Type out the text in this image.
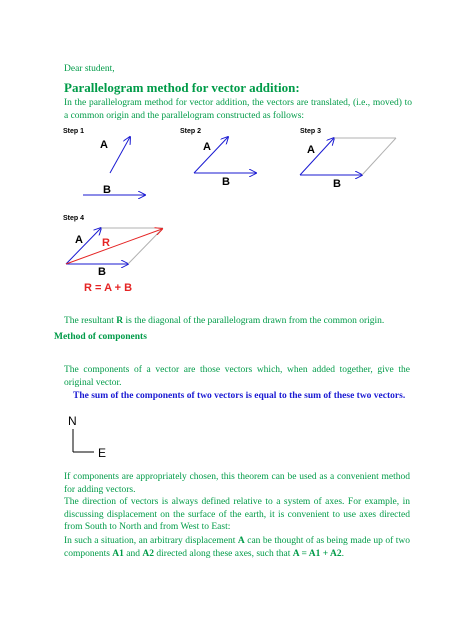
Dear student,
Parallelogram method for vector addition:
In the parallelogram method for vector addition, the vectors are translated, (i.e., moved) to a common origin and the parallelogram constructed as follows:
Step 1
A
B
Step 2
A
B
Step 3
A
B
Step 4
A R
B
R = A + B
The resultant R is the diagonal of the parallelogram drawn from the common origin.
Method of components
The components of a vector are those vectors which, when added together, give the original vector.
The sum of the components of two vectors is equal to the sum of these two vectors.
N
E
If components are appropriately chosen, this theorem can be used as a convenient method for adding vectors.
The direction of vectors is always defined relative to a system of axes. For example, in discussing displacement on the surface of the earth, it is convenient to use axes directed from South to North and from West to East:
In such a situation, an arbitrary displacement A can be thought of as being made up of two components A1 and A2 directed along these axes, such that A = A1 + A2.
